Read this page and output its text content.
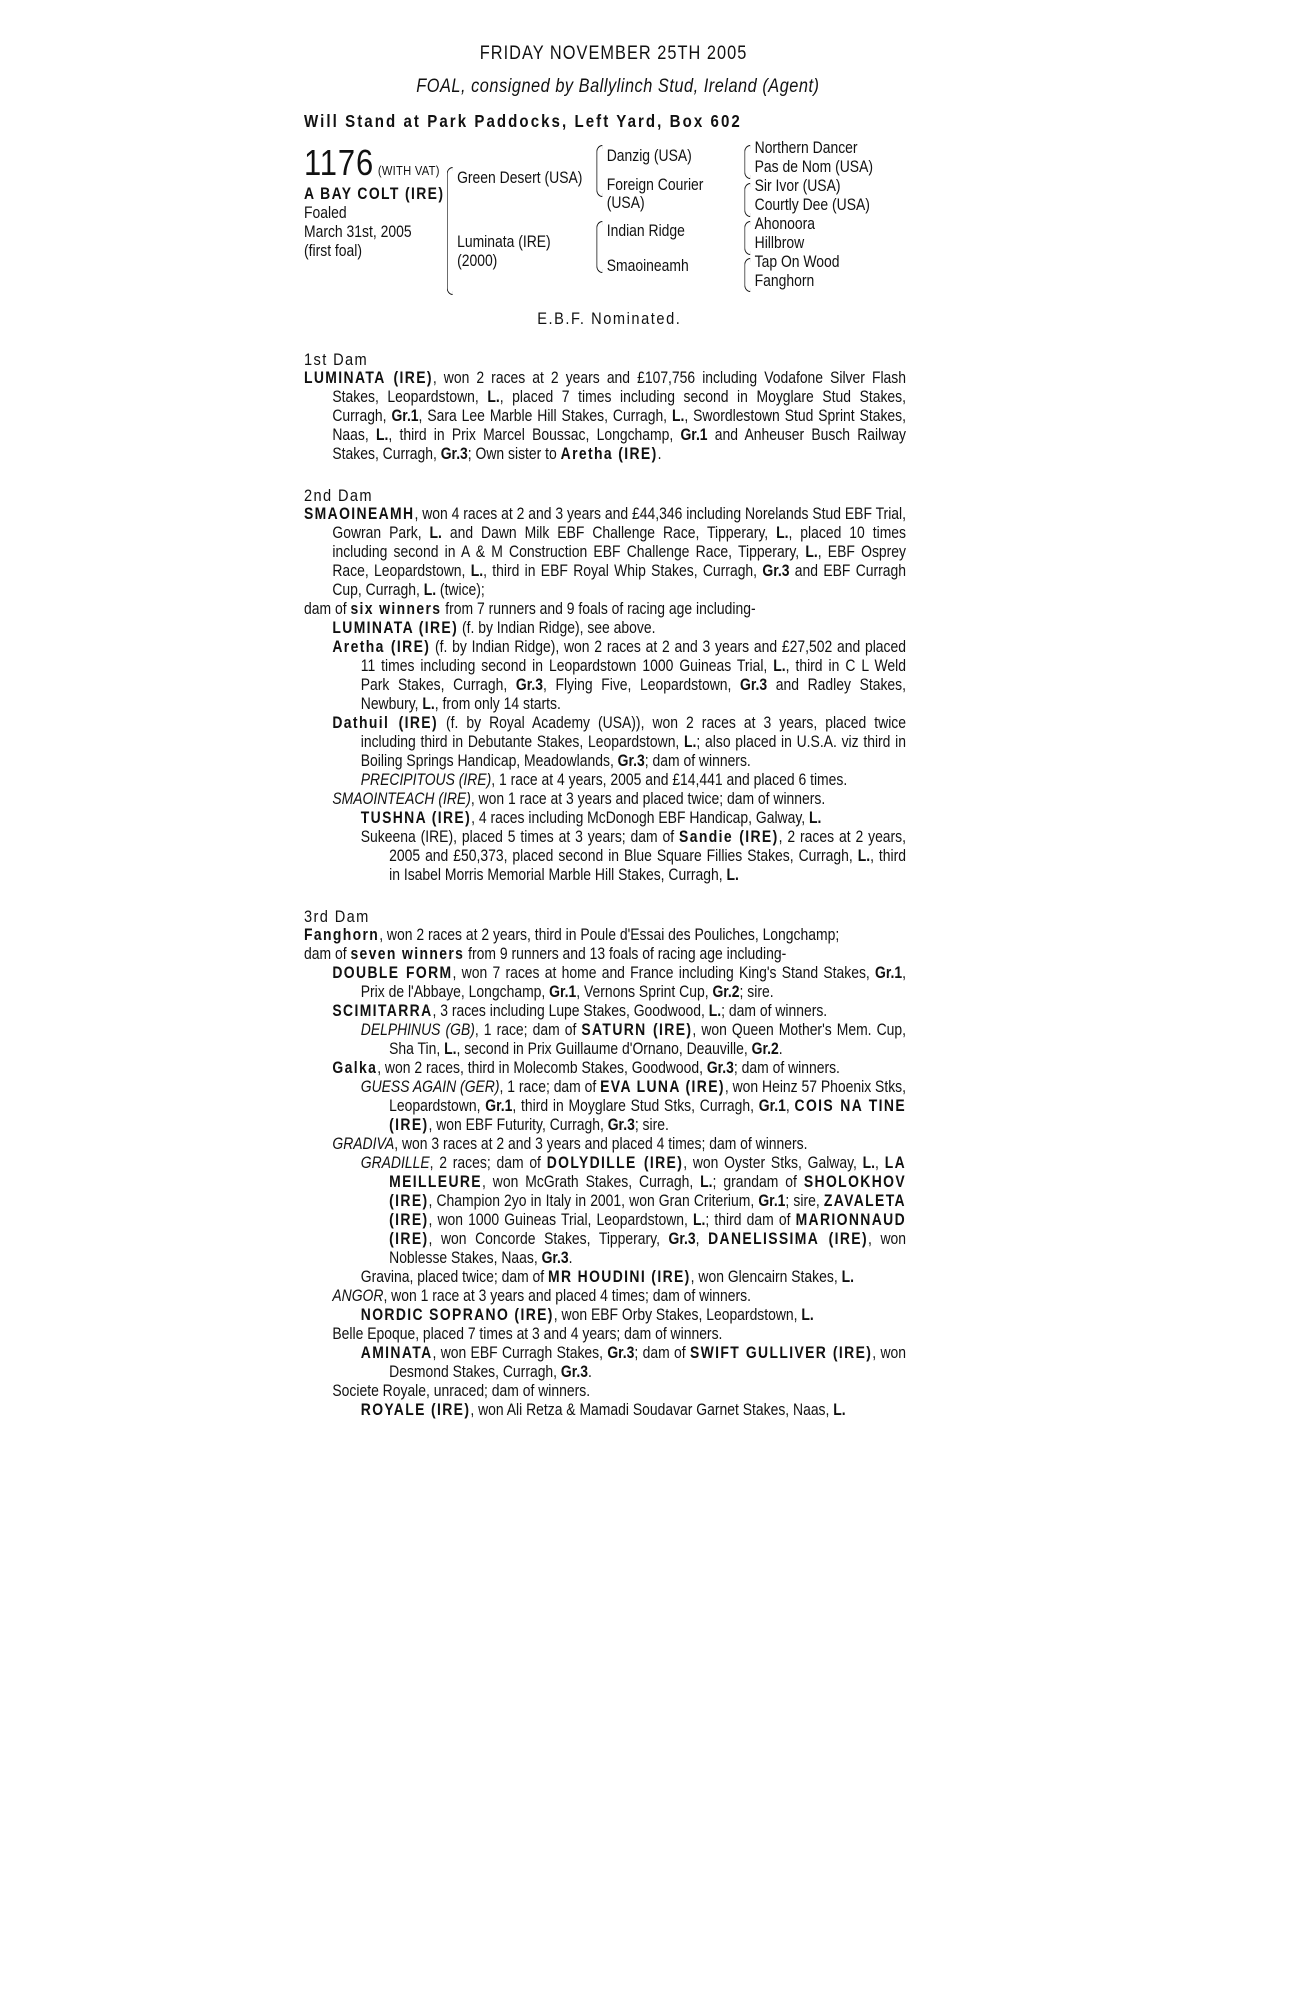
FRIDAY NOVEMBER 25TH 2005
FOAL, consigned by Ballylinch Stud, Ireland (Agent)
Will Stand at Park Paddocks, Left Yard, Box 602
1176 (WITH VAT)
A BAY COLT (IRE)
Foaled
March 31st, 2005
(first foal)
Green Desert (USA)
Luminata (IRE)
(2000)
Danzig (USA)
Foreign Courier
(USA)
Indian Ridge
Smaoineamh
Northern Dancer
Pas de Nom (USA)
Sir Ivor (USA)
Courtly Dee (USA)
Ahonoora
Hillbrow
Tap On Wood
Fanghorn
E.B.F. Nominated.
1st Dam

LUMINATA (IRE), won 2 races at 2 years and £107,756 including Vodafone Silver Flash Stakes, Leopardstown, L., placed 7 times including second in Moyglare Stud Stakes, Curragh, Gr.1, Sara Lee Marble Hill Stakes, Curragh, L., Swordlestown Stud Sprint Stakes, Naas, L., third in Prix Marcel Boussac, Longchamp, Gr.1 and Anheuser Busch Railway Stakes, Curragh, Gr.3; Own sister to Aretha (IRE).

2nd Dam

SMAOINEAMH, won 4 races at 2 and 3 years and £44,346 including Norelands Stud EBF Trial, Gowran Park, L. and Dawn Milk EBF Challenge Race, Tipperary, L., placed 10 times including second in A & M Construction EBF Challenge Race, Tipperary, L., EBF Osprey Race, Leopardstown, L., third in EBF Royal Whip Stakes, Curragh, Gr.3 and EBF Curragh Cup, Curragh, L. (twice);

dam of six winners from 7 runners and 9 foals of racing age including-

LUMINATA (IRE) (f. by Indian Ridge), see above.

Aretha (IRE) (f. by Indian Ridge), won 2 races at 2 and 3 years and £27,502 and placed 11 times including second in Leopardstown 1000 Guineas Trial, L., third in C L Weld Park Stakes, Curragh, Gr.3, Flying Five, Leopardstown, Gr.3 and Radley Stakes, Newbury, L., from only 14 starts.

Dathuil (IRE) (f. by Royal Academy (USA)), won 2 races at 3 years, placed twice including third in Debutante Stakes, Leopardstown, L.; also placed in U.S.A. viz third in Boiling Springs Handicap, Meadowlands, Gr.3; dam of winners.

PRECIPITOUS (IRE), 1 race at 4 years, 2005 and £14,441 and placed 6 times.

SMAOINTEACH (IRE), won 1 race at 3 years and placed twice; dam of winners.

TUSHNA (IRE), 4 races including McDonogh EBF Handicap, Galway, L.

Sukeena (IRE), placed 5 times at 3 years; dam of Sandie (IRE), 2 races at 2 years, 2005 and £50,373, placed second in Blue Square Fillies Stakes, Curragh, L., third in Isabel Morris Memorial Marble Hill Stakes, Curragh, L.

3rd Dam

Fanghorn, won 2 races at 2 years, third in Poule d'Essai des Pouliches, Longchamp;

dam of seven winners from 9 runners and 13 foals of racing age including-

DOUBLE FORM, won 7 races at home and France including King's Stand Stakes, Gr.1, Prix de l'Abbaye, Longchamp, Gr.1, Vernons Sprint Cup, Gr.2; sire.

SCIMITARRA, 3 races including Lupe Stakes, Goodwood, L.; dam of winners.

DELPHINUS (GB), 1 race; dam of SATURN (IRE), won Queen Mother's Mem. Cup, Sha Tin, L., second in Prix Guillaume d'Ornano, Deauville, Gr.2.

Galka, won 2 races, third in Molecomb Stakes, Goodwood, Gr.3; dam of winners.

GUESS AGAIN (GER), 1 race; dam of EVA LUNA (IRE), won Heinz 57 Phoenix Stks, Leopardstown, Gr.1, third in Moyglare Stud Stks, Curragh, Gr.1, COIS NA TINE (IRE), won EBF Futurity, Curragh, Gr.3; sire.

GRADIVA, won 3 races at 2 and 3 years and placed 4 times; dam of winners.

GRADILLE, 2 races; dam of DOLYDILLE (IRE), won Oyster Stks, Galway, L., LA MEILLEURE, won McGrath Stakes, Curragh, L.; grandam of SHOLOKHOV (IRE), Champion 2yo in Italy in 2001, won Gran Criterium, Gr.1; sire, ZAVALETA (IRE), won 1000 Guineas Trial, Leopardstown, L.; third dam of MARIONNAUD (IRE), won Concorde Stakes, Tipperary, Gr.3, DANELISSIMA (IRE), won Noblesse Stakes, Naas, Gr.3.

Gravina, placed twice; dam of MR HOUDINI (IRE), won Glencairn Stakes, L.

ANGOR, won 1 race at 3 years and placed 4 times; dam of winners.

NORDIC SOPRANO (IRE), won EBF Orby Stakes, Leopardstown, L.

Belle Epoque, placed 7 times at 3 and 4 years; dam of winners.

AMINATA, won EBF Curragh Stakes, Gr.3; dam of SWIFT GULLIVER (IRE), won Desmond Stakes, Curragh, Gr.3.

Societe Royale, unraced; dam of winners.

ROYALE (IRE), won Ali Retza & Mamadi Soudavar Garnet Stakes, Naas, L.
